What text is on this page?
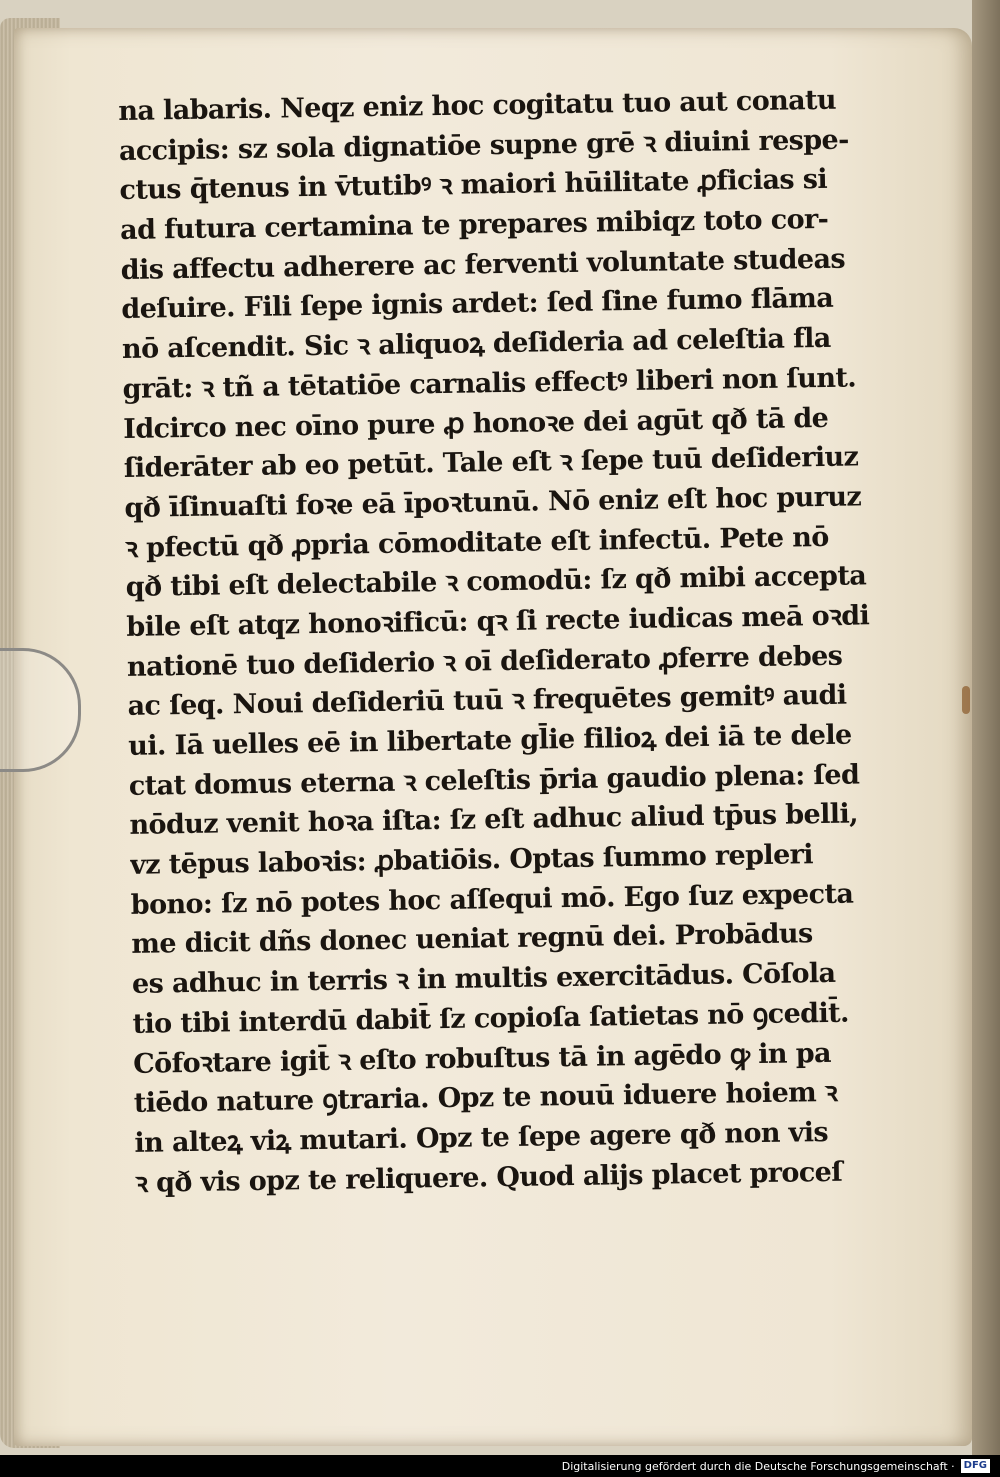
na labaris. Neqz eniz hoc cogitatu tuo aut conatu
accipis: sz sola dignatiōe supne grē ꝛ diuini respe-
ctus q̄tenus in v̄tutibꝰ ꝛ maiori hūilitate ꝓficias si
ad futura certamina te prepares mibiqz toto cor-
dis affectu adherere ac ferventi voluntate studeas
deſuire. Fili ſepe ignis ardet: ſed ſine fumo flāma
nō aſcendit. Sic ꝛ aliquoꝝ deſideria ad celeſtia fla
grāt: ꝛ tñ a tētatiōe carnalis effectꝰ liberi non ſunt.
Idcirco nec oīno pure ꝓ honoꝛe dei agūt qð tā de
ſiderāter ab eo petūt. Tale eſt ꝛ ſepe tuū deſideriuz
qð īſinuaſti foꝛe eā īpoꝛtunū. Nō eniz eſt hoc puruz
ꝛ pfectū qð ꝓpria cōmoditate eſt infectū. Pete nō
qð tibi eſt delectabile ꝛ comodū: ſz qð mibi accepta
bile eſt atqz honoꝛificū: qꝛ ſi recte iudicas meā oꝛdi
nationē tuo deſiderio ꝛ oī deſiderato ꝓferre debes
ac ſeq. Noui deſideriū tuū ꝛ frequētes gemitꝰ audi
ui. Iā uelles eē in libertate gl̄ie filioꝝ dei iā te dele
ctat domus eterna ꝛ celeſtis p̄ria gaudio plena: ſed
nōduz venit hoꝛa iſta: ſz eſt adhuc aliud tp̄us belli,
vz tēpus laboꝛis: ꝓbatiōis. Optas ſummo repleri
bono: ſz nō potes hoc aſſequi mō. Ego ſuz expecta
me dicit dñs donec ueniat regnū dei. Probādus
es adhuc in terris ꝛ in multis exercitādus. Cōſola
tio tibi interdū dabit̄ ſz copioſa ſatietas nō ꝯcedit̄.
Cōfoꝛtare igit̄ ꝛ eſto robuſtus tā in agēdo ꝙ in pa
tiēdo nature ꝯtraria. Opz te nouū iduere hoiem ꝛ
in alteꝝ viꝝ mutari. Opz te ſepe agere qð non vis
ꝛ qð vis opz te reliquere. Quod alijs placet proceſ
Digitalisierung gefördert durch die Deutsche Forschungsgemeinschaft · DFG
